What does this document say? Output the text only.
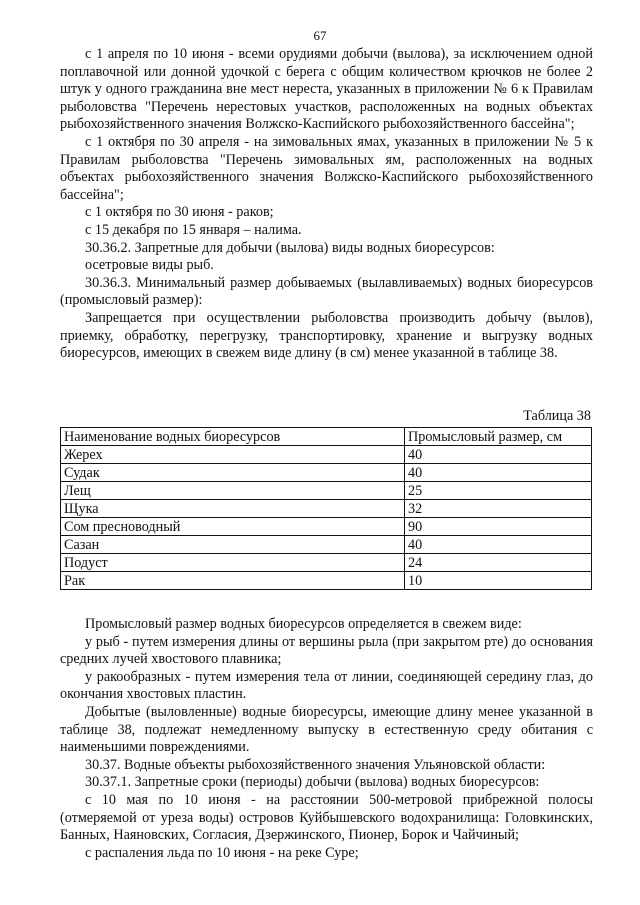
67

с 1 апреля по 10 июня - всеми орудиями добычи (вылова), за исключением одной поплавочной или донной удочкой с берега с общим количеством крючков не более 2 штук у одного гражданина вне мест нереста, указанных в приложении № 6 к Правилам рыболовства "Перечень нерестовых участков, расположенных на водных объектах рыбохозяйственного значения Волжско-Каспийского рыбохозяйственного бассейна";

с 1 октября по 30 апреля - на зимовальных ямах, указанных в приложении № 5 к Правилам рыболовства "Перечень зимовальных ям, расположенных на водных объектах рыбохозяйственного значения Волжско-Каспийского рыбохозяйственного бассейна";

с 1 октября по 30 июня - раков;

с 15 декабря по 15 января – налима.

30.36.2. Запретные для добычи (вылова) виды водных биоресурсов:

осетровые виды рыб.

30.36.3. Минимальный размер добываемых (вылавливаемых) водных биоресурсов (промысловый размер):

Запрещается при осуществлении рыболовства производить добычу (вылов), приемку, обработку, перегрузку, транспортировку, хранение и выгрузку водных биоресурсов, имеющих в свежем виде длину (в см) менее указанной в таблице 38.

Таблица 38
Наименование водных биоресурсов	Промысловый размер, см
Жерех	40
Судак	40
Лещ	25
Щука	32
Сом пресноводный	90
Сазан	40
Подуст	24
Рак	10

Промысловый размер водных биоресурсов определяется в свежем виде:

у рыб - путем измерения длины от вершины рыла (при закрытом рте) до основания средних лучей хвостового плавника;

у ракообразных - путем измерения тела от линии, соединяющей середину глаз, до окончания хвостовых пластин.

Добытые (выловленные) водные биоресурсы, имеющие длину менее указанной в таблице 38, подлежат немедленному выпуску в естественную среду обитания с наименьшими повреждениями.

30.37. Водные объекты рыбохозяйственного значения Ульяновской области:

30.37.1. Запретные сроки (периоды) добычи (вылова) водных биоресурсов:

с 10 мая по 10 июня - на расстоянии 500-метровой прибрежной полосы (отмеряемой от уреза воды) островов Куйбышевского водохранилища: Головкинских, Банных, Наяновских, Согласия, Дзержинского, Пионер, Борок и Чайчиный;

с распаления льда по 10 июня - на реке Суре;
